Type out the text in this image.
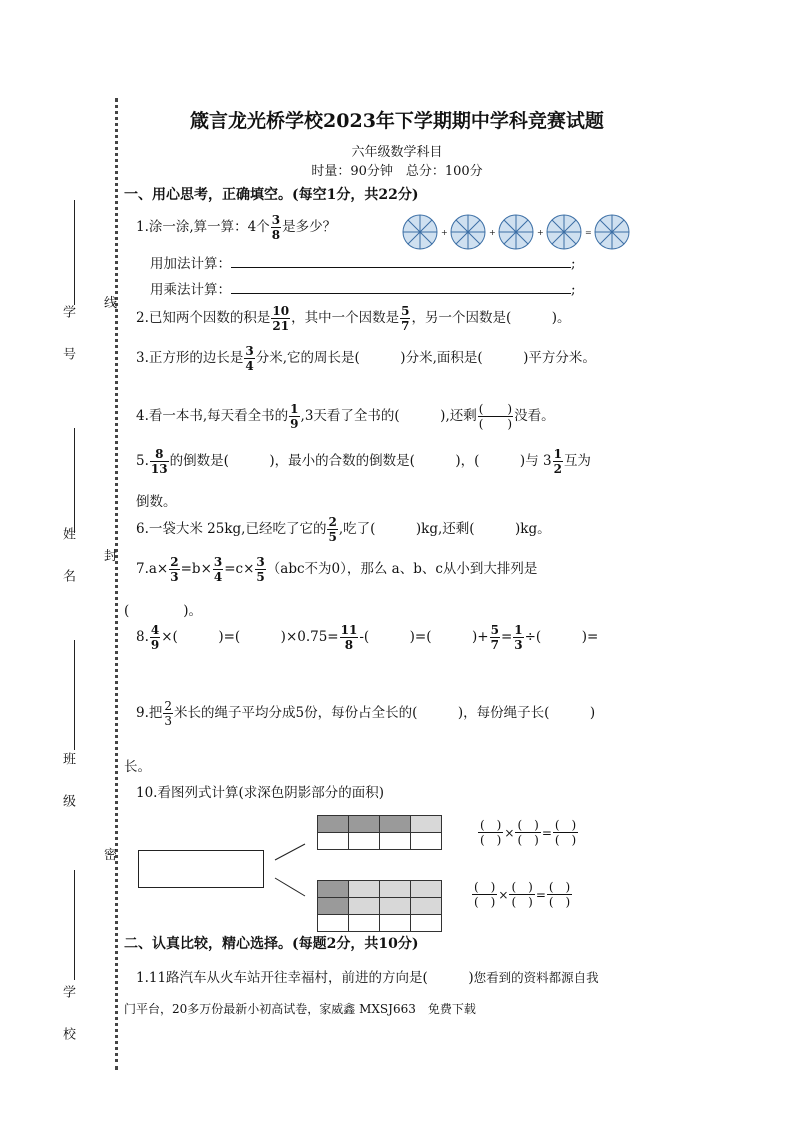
线
封
密
学　号
姓　名
班　级
学　校
箴言龙光桥学校2023年下学期期中学科竞赛试题
六年级数学科目
时量：90分钟　总分：100分
一、用心思考，正确填空。(每空1分，共22分)
1.涂一涂,算一算：4个 $\frac{3}{8}$ 是多少？	+	+	+	=
用加法计算：	;
用乘法计算：	;
2.已知两个因数的积是 $\frac{10}{21}$ ，其中一个因数是 $\frac{5}{7}$ ，另一个因数是(　　　)。
3.正方形的边长是 $\frac{3}{4}$ 分米,它的周长是(　　　)分米,面积是(　　　)平方分米。
4.看一本书,每天看全书的 $\frac{1}{9} ,3$天看了全书的(　　　),还剩 $\frac{( )}{( )}$ 没看。
5. $\frac{8}{13}$ 的倒数是(　　　)，最小的合数的倒数是(　　　)，(　　　)与 $3 \frac{1}{2}$ 互为
倒数。
6.一袋大米 25kg,已经吃了它的 $\frac{2}{5}$ ,吃了(　　　)kg,还剩(　　　)kg。
$7.a\times \frac{2}{3} =b\times \frac{3}{4} =c\times \frac{3}{5} (abc$不为0），那么 a、b、c从小到大排列是
(　　　　)。
8. $\frac{4}{9}$ ×(　　　)=(　　　)$\times 0.75= \frac{11}{8}$ -(　　　)=(　　　)+ $\frac{5}{7} = \frac{1}{3}$ ÷(　　　)=
9.把 $\frac{2}{3}$ 米长的绳子平均分成5份，每份占全长的(　　　)，每份绳子长(　　　)
长。
10.看图列式计算(求深色阴影部分的面积)

(　)
(　)
×
(　)
(　)
=
(　)
(　)
(　)
(　)
×
(　)
(　)
=
(　)
(　)
二、认真比较，精心选择。(每题2分，共10分)
1.11路汽车从火车站开往幸福村，前进的方向是(　　　)您看到的资料都源自我
门平台，20多万份最新小初高试卷，家威鑫 MXSJ663　免费下载
